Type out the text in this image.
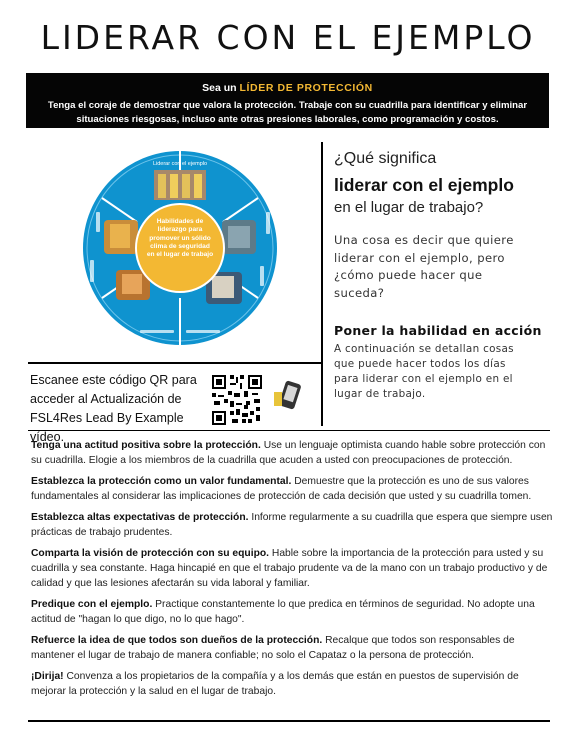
LIDERAR CON EL EJEMPLO
Sea un LÍDER DE PROTECCIÓN
Tenga el coraje de demostrar que valora la protección. Trabaje con su cuadrilla para identificar y eliminar situaciones riesgosas, incluso ante otras presiones laborales, como programación y costos.
Liderar con el ejemplo
Habilidades de liderazgo para promover un sólido clima de seguridad en el lugar de trabajo
Escanee este código QR para acceder al Actualización de FSL4Res Lead By Example vídeo.
¿Qué significa
liderar con el ejemplo
en el lugar de trabajo?
Una cosa es decir que quiere liderar con el ejemplo, pero ¿cómo puede hacer que suceda?
Poner la habilidad en acción
A continuación se detallan cosas que puede hacer todos los días para liderar con el ejemplo en el lugar de trabajo.
Tenga una actitud positiva sobre la protección. Use un lenguaje optimista cuando hable sobre protección con su cuadrilla. Elogie a los miembros de la cuadrilla que acuden a usted con preocupaciones de protección.
Establezca la protección como un valor fundamental. Demuestre que la protección es uno de sus valores fundamentales al considerar las implicaciones de protección de cada decisión que usted y su cuadrilla tomen.
Establezca altas expectativas de protección. Informe regularmente a su cuadrilla que espera que siempre usen prácticas de trabajo prudentes.
Comparta la visión de protección con su equipo. Hable sobre la importancia de la protección para usted y su cuadrilla y sea constante. Haga hincapié en que el trabajo prudente va de la mano con un trabajo productivo y de calidad y que las lesiones afectarán su vida laboral y familiar.
Predique con el ejemplo. Practique constantemente lo que predica en términos de seguridad. No adopte una actitud de "hagan lo que digo, no lo que hago".
Refuerce la idea de que todos son dueños de la protección. Recalque que todos son responsables de mantener el lugar de trabajo de manera confiable; no solo el Capataz o la persona de protección.
¡Dirija! Convenza a los propietarios de la compañía y a los demás que están en puestos de supervisión de mejorar la protección y la salud en el lugar de trabajo.
